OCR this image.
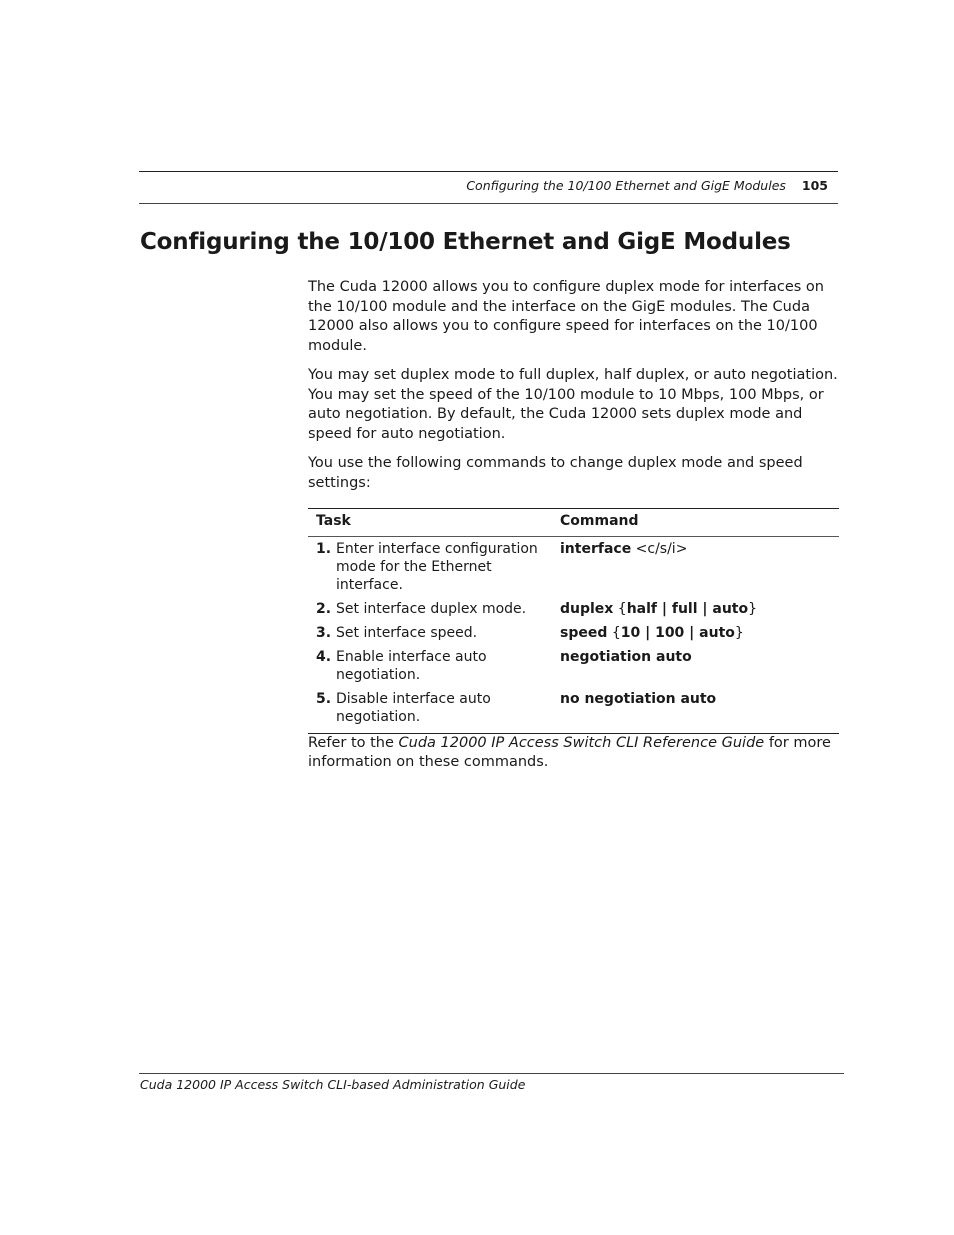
Configuring the 10/100 Ethernet and GigE Modules 105
Configuring the 10/100 Ethernet and GigE Modules

The Cuda 12000 allows you to configure duplex mode for interfaces on the 10/100 module and the interface on the GigE modules. The Cuda 12000 also allows you to configure speed for interfaces on the 10/100 module.

You may set duplex mode to full duplex, half duplex, or auto negotiation. You may set the speed of the 10/100 module to 10 Mbps, 100 Mbps, or auto negotiation. By default, the Cuda 12000 sets duplex mode and speed for auto negotiation.

You use the following commands to change duplex mode and speed settings:

Task	Command

1. Enter interface configuration mode for the Ethernet interface.	interface <c/s/i>

2. Set interface duplex mode.	duplex {half | full | auto}

3. Set interface speed.	speed {10 | 100 | auto}

4. Enable interface auto negotiation.	negotiation auto

5. Disable interface auto negotiation.	no negotiation auto

Refer to the Cuda 12000 IP Access Switch CLI Reference Guide for more information on these commands.

Cuda 12000 IP Access Switch CLI-based Administration Guide
